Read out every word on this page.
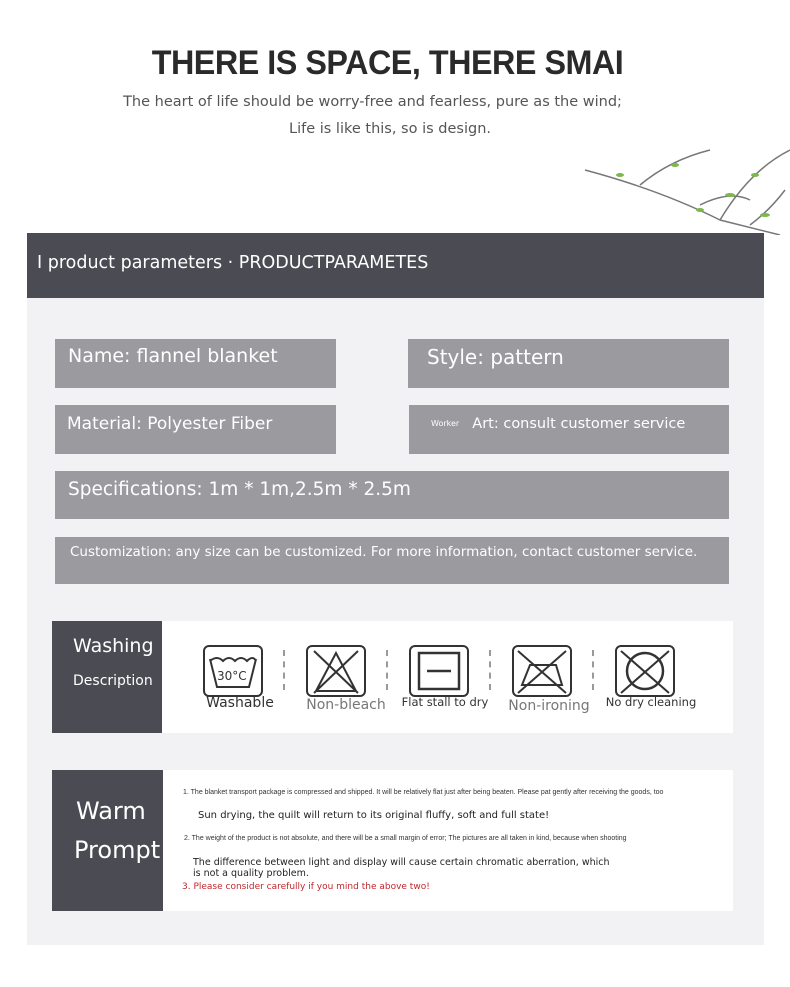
THERE IS SPACE, THERE SMAI
The heart of life should be worry-free and fearless, pure as the wind;
Life is like this, so is design.
I product parameters · PRODUCTPARAMETES
Name: flannel blanket	Style: pattern
Material: Polyester Fiber	Worker Art: consult customer service
Specifications: 1m * 1m,2.5m * 2.5m
Customization: any size can be customized. For more information, contact customer service.
Washing
Description	30°C
Washable	Non-bleach	Flat stall to dry	Non-ironing	No dry cleaning
Warm
Prompt
1. The blanket transport package is compressed and shipped. It will be relatively flat just after being beaten. Please pat gently after receiving the goods, too
Sun drying, the quilt will return to its original fluffy, soft and full state!
2. The weight of the product is not absolute, and there will be a small margin of error; The pictures are all taken in kind, because when shooting
The difference between light and display will cause certain chromatic aberration, which is not a quality problem.
3. Please consider carefully if you mind the above two!
